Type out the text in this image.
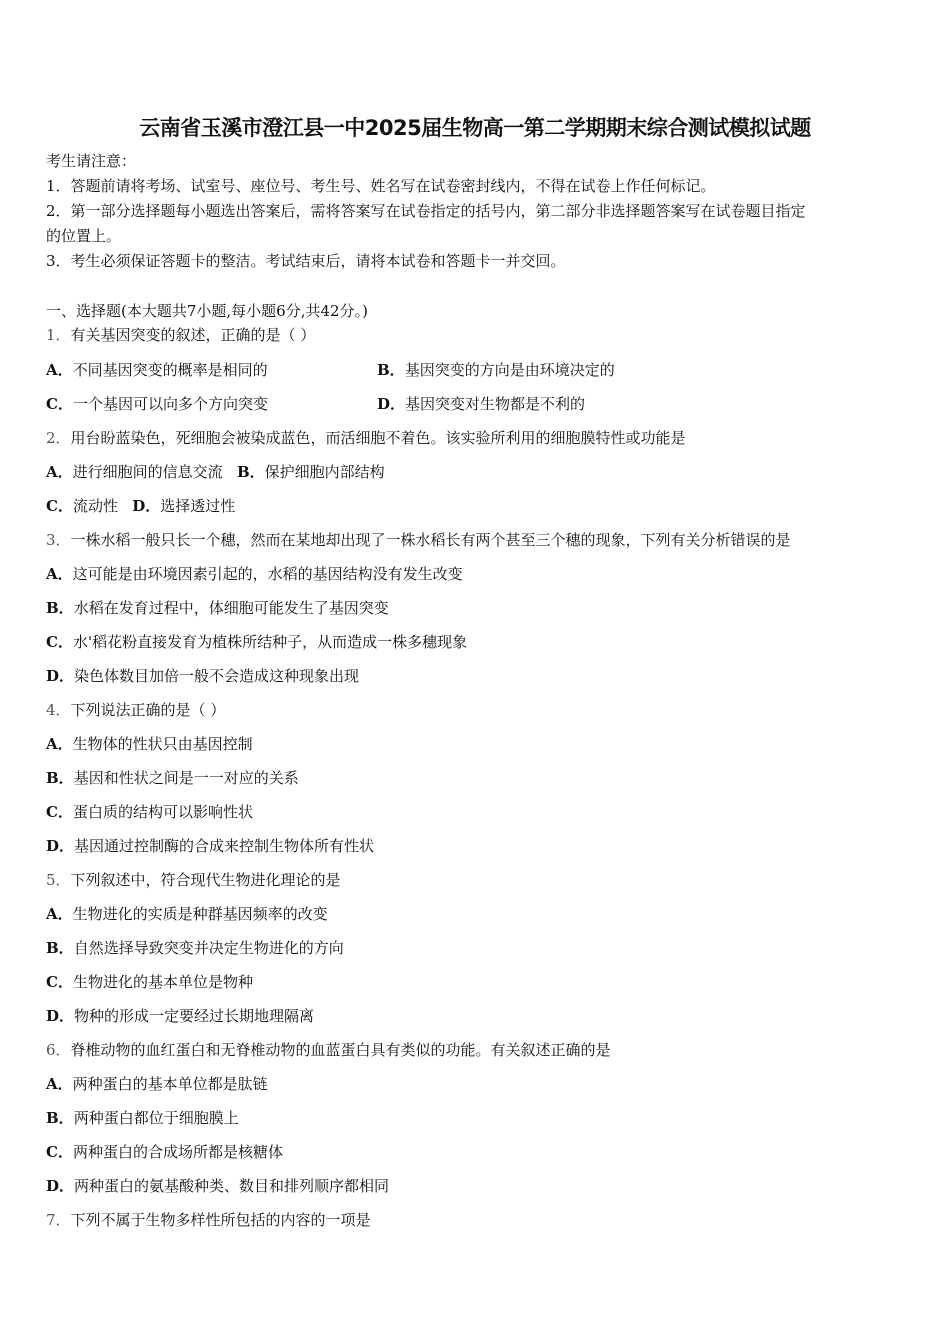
云南省玉溪市澄江县一中2025届生物高一第二学期期末综合测试模拟试题
考生请注意：
1．答题前请将考场、试室号、座位号、考生号、姓名写在试卷密封线内，不得在试卷上作任何标记。
2．第一部分选择题每小题选出答案后，需将答案写在试卷指定的括号内，第二部分非选择题答案写在试卷题目指定
的位置上。
3．考生必须保证答题卡的整洁。考试结束后，请将本试卷和答题卡一并交回。
一、选择题(本大题共7小题,每小题6分,共42分。)
1．有关基因突变的叙述，正确的是（ ）
A．不同基因突变的概率是相同的	B．基因突变的方向是由环境决定的
C．一个基因可以向多个方向突变	D．基因突变对生物都是不利的
2．用台盼蓝染色，死细胞会被染成蓝色，而活细胞不着色。该实验所利用的细胞膜特性或功能是
A．进行细胞间的信息交流 B．保护细胞内部结构
C．流动性 D．选择透过性
3．一株水稻一般只长一个穗，然而在某地却出现了一株水稻长有两个甚至三个穗的现象，下列有关分析错误的是
A．这可能是由环境因素引起的，水稻的基因结构没有发生改变
B．水稻在发育过程中，体细胞可能发生了基因突变
C．水'稻花粉直接发育为植株所结种子，从而造成一株多穗现象
D．染色体数目加倍一般不会造成这种现象出现
4．下列说法正确的是（ ）
A．生物体的性状只由基因控制
B．基因和性状之间是一一对应的关系
C．蛋白质的结构可以影响性状
D．基因通过控制酶的合成来控制生物体所有性状
5．下列叙述中，符合现代生物进化理论的是
A．生物进化的实质是种群基因频率的改变
B．自然选择导致突变并决定生物进化的方向
C．生物进化的基本单位是物种
D．物种的形成一定要经过长期地理隔离
6．脊椎动物的血红蛋白和无脊椎动物的血蓝蛋白具有类似的功能。有关叙述正确的是
A．两种蛋白的基本单位都是肽链
B．两种蛋白都位于细胞膜上
C．两种蛋白的合成场所都是核糖体
D．两种蛋白的氨基酸种类、数目和排列顺序都相同
7．下列不属于生物多样性所包括的内容的一项是
